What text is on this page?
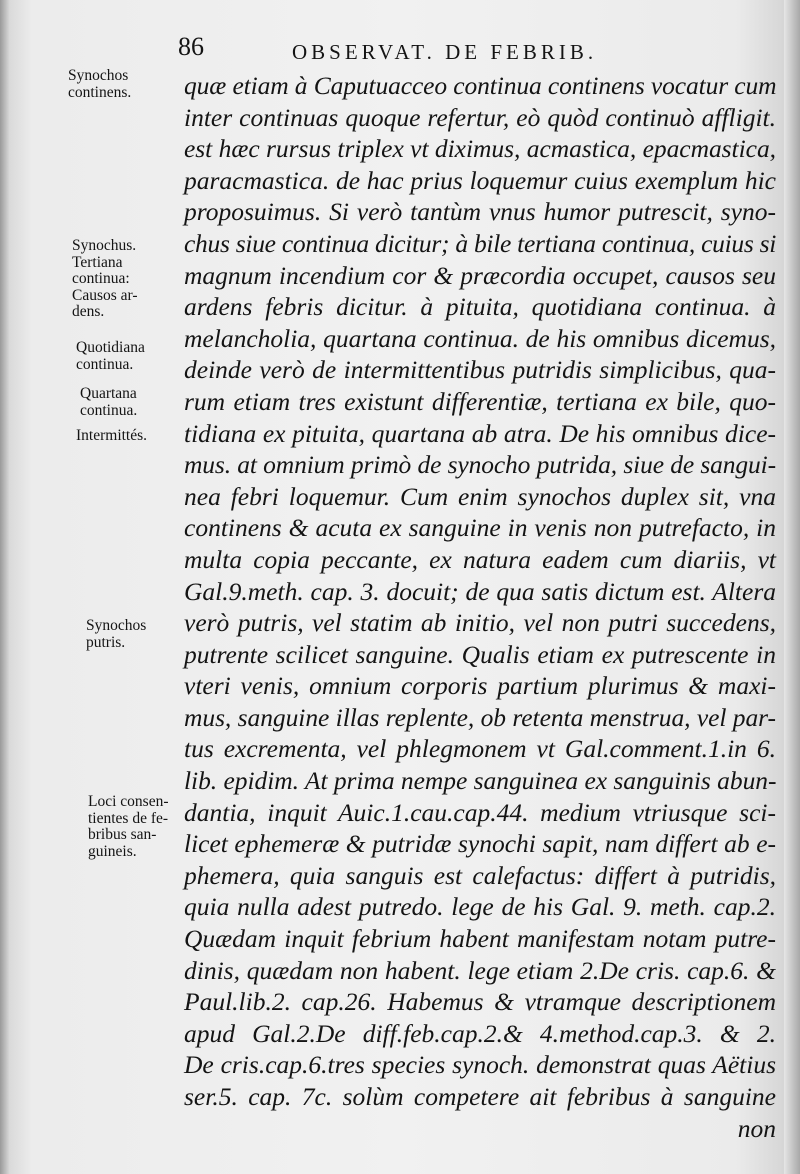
86	OBSERVAT. DE FEBRIB.
Synochos
continens.
Synochus.
Tertiana
continua:
Causos ar-
dens.
Quotidiana
continua.
Quartana
continua.
Intermittés.
Synochos
putris.
Loci consen-
tientes de fe-
bribus san-
guineis.
quæ etiam à Caputuacceo continua continens vocatur cum
inter continuas quoque refertur, eò quòd continuò affligit.
est hæc rursus triplex vt diximus, acmastica, epacmastica,
paracmastica. de hac prius loquemur cuius exemplum hic
proposuimus. Si verò tantùm vnus humor putrescit, syno-
chus siue continua dicitur; à bile tertiana continua, cuius si
magnum incendium cor & præcordia occupet, causos seu
ardens febris dicitur. à pituita, quotidiana continua. à
melancholia, quartana continua. de his omnibus dicemus,
deinde verò de intermittentibus putridis simplicibus, qua-
rum etiam tres existunt differentiæ, tertiana ex bile, quo-
tidiana ex pituita, quartana ab atra. De his omnibus dice-
mus. at omnium primò de synocho putrida, siue de sangui-
nea febri loquemur. Cum enim synochos duplex sit, vna
continens & acuta ex sanguine in venis non putrefacto, in
multa copia peccante, ex natura eadem cum diariis, vt
Gal.9.meth. cap. 3. docuit; de qua satis dictum est. Altera
verò putris, vel statim ab initio, vel non putri succedens,
putrente scilicet sanguine. Qualis etiam ex putrescente in
vteri venis, omnium corporis partium plurimus & maxi-
mus, sanguine illas replente, ob retenta menstrua, vel par-
tus excrementa, vel phlegmonem vt Gal.comment.1.in 6.
lib. epidim. At prima nempe sanguinea ex sanguinis abun-
dantia, inquit Auic.1.cau.cap.44. medium vtriusque sci-
licet ephemeræ & putridæ synochi sapit, nam differt ab e-
phemera, quia sanguis est calefactus: differt à putridis,
quia nulla adest putredo. lege de his Gal. 9. meth. cap.2.
Quædam inquit febrium habent manifestam notam putre-
dinis, quædam non habent. lege etiam 2.De cris. cap.6. &
Paul.lib.2. cap.26. Habemus & vtramque descriptionem
apud Gal.2.De diff.feb.cap.2.& 4.method.cap.3. & 2.
De cris.cap.6.tres species synoch. demonstrat quas Aëtius
ser.5. cap. 7c. solùm competere ait febribus à sanguine
non
